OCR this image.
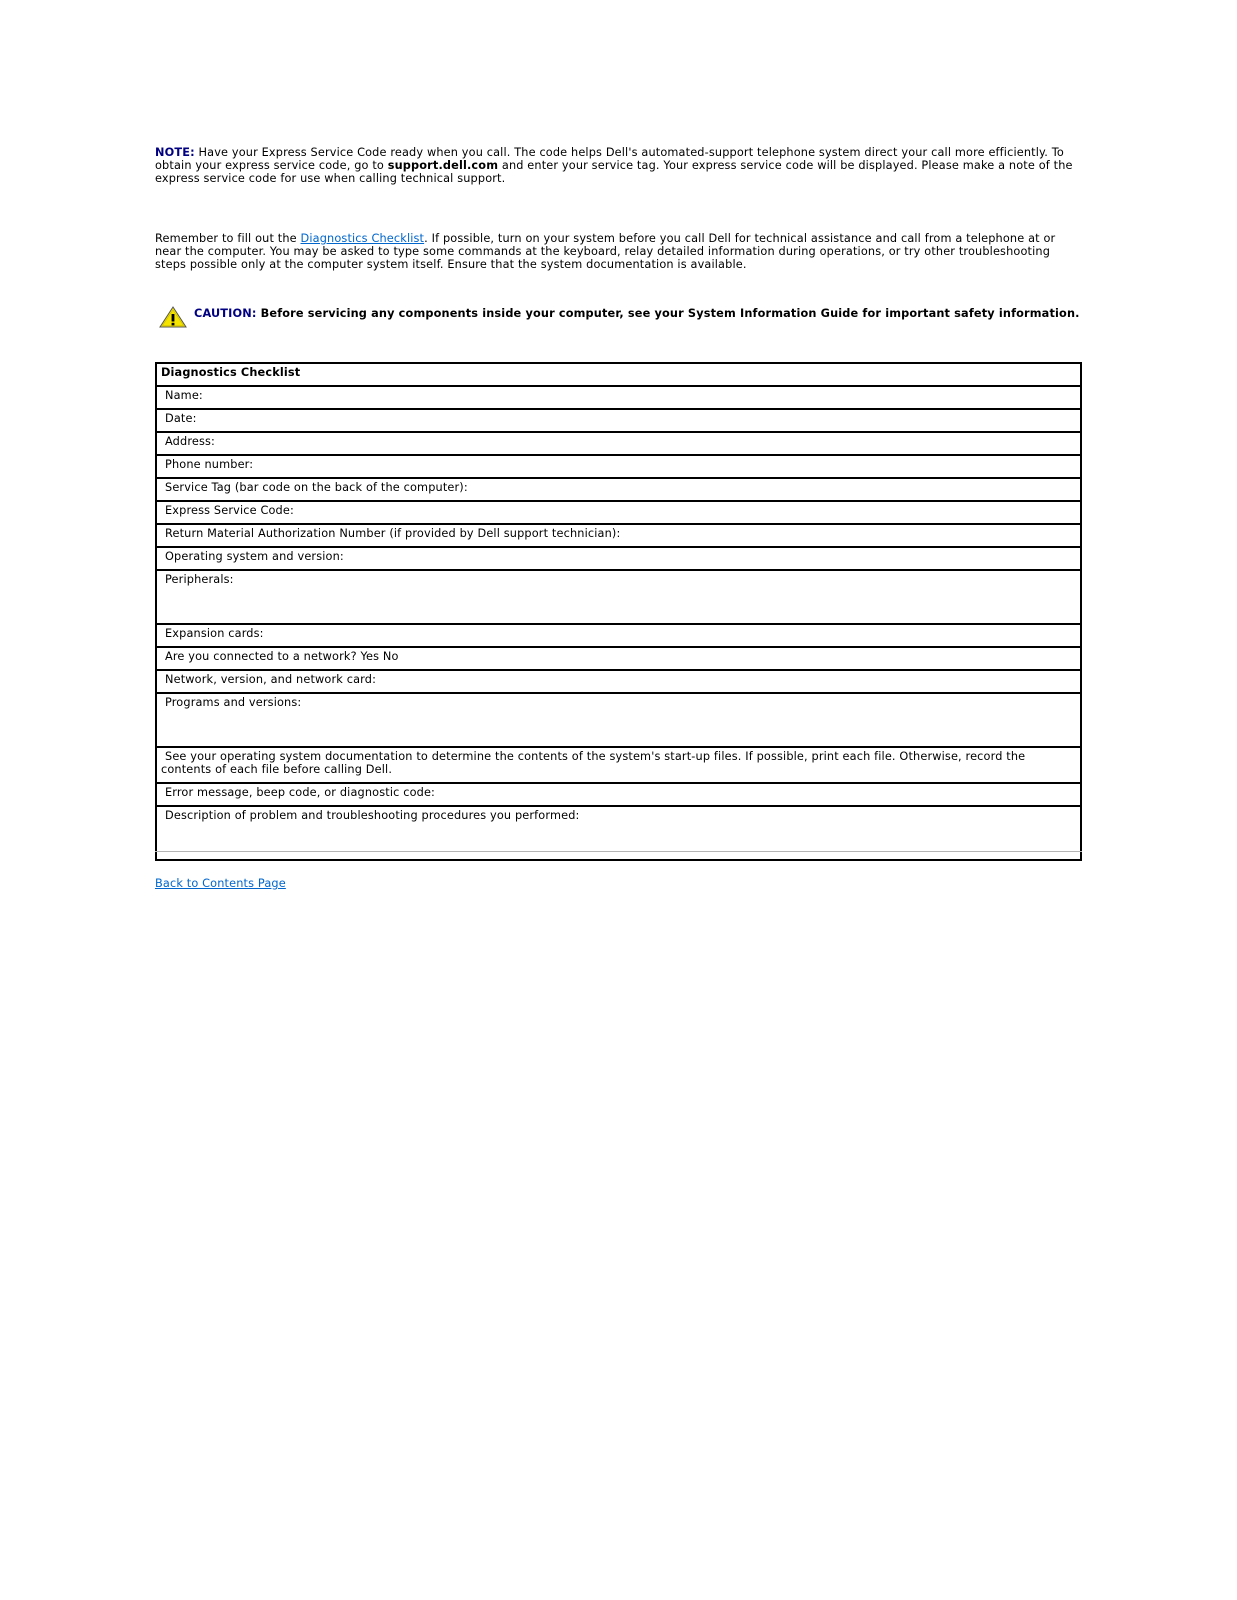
NOTE: Have your Express Service Code ready when you call. The code helps Dell's automated-support telephone system direct your call more efficiently. To obtain your express service code, go to support.dell.com and enter your service tag. Your express service code will be displayed. Please make a note of the express service code for use when calling technical support.
Remember to fill out the Diagnostics Checklist. If possible, turn on your system before you call Dell for technical assistance and call from a telephone at or near the computer. You may be asked to type some commands at the keyboard, relay detailed information during operations, or try other troubleshooting steps possible only at the computer system itself. Ensure that the system documentation is available.
CAUTION: Before servicing any components inside your computer, see your System Information Guide for important safety information.
Diagnostics Checklist
Name:
Date:
Address:
Phone number:
Service Tag (bar code on the back of the computer):
Express Service Code:
Return Material Authorization Number (if provided by Dell support technician):
Operating system and version:
Peripherals:
Expansion cards:
Are you connected to a network? Yes No
Network, version, and network card:
Programs and versions:
See your operating system documentation to determine the contents of the system's start-up files. If possible, print each file. Otherwise, record the contents of each file before calling Dell.
Error message, beep code, or diagnostic code:
Description of problem and troubleshooting procedures you performed:
Back to Contents Page
